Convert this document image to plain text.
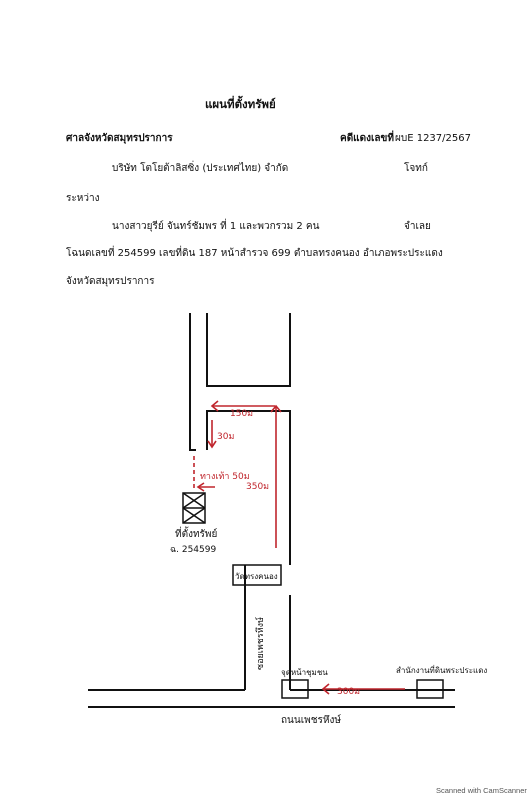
แผนที่ตั้งทรัพย์
ศาลจังหวัดสมุทรปราการ	คดีแดงเลขที่ ผบE 1237/2567
บริษัท โตโยต้าลิสซิ่ง (ประเทศไทย) จำกัด	โจทก์
ระหว่าง
นางสาวยุรีย์ จันทร์ชัมพร ที่ 1 และพวกรวม 2 คน	จำเลย
โฉนดเลขที่ 254599 เลขที่ดิน 187 หน้าสำรวจ 699 ตำบลทรงคนอง อำเภอพระประแดง
จังหวัดสมุทรปราการ
150ม
30ม
ทางเท้า 50ม
350ม
300ม
ที่ตั้งทรัพย์
ฉ. 254599
วัดทรงคนอง
ซอยเพชรหึงษ์
จุดหน้าชุมชน	สำนักงานที่ดินพระประแดง
ถนนเพชรหึงษ์
Scanned with CamScanner
